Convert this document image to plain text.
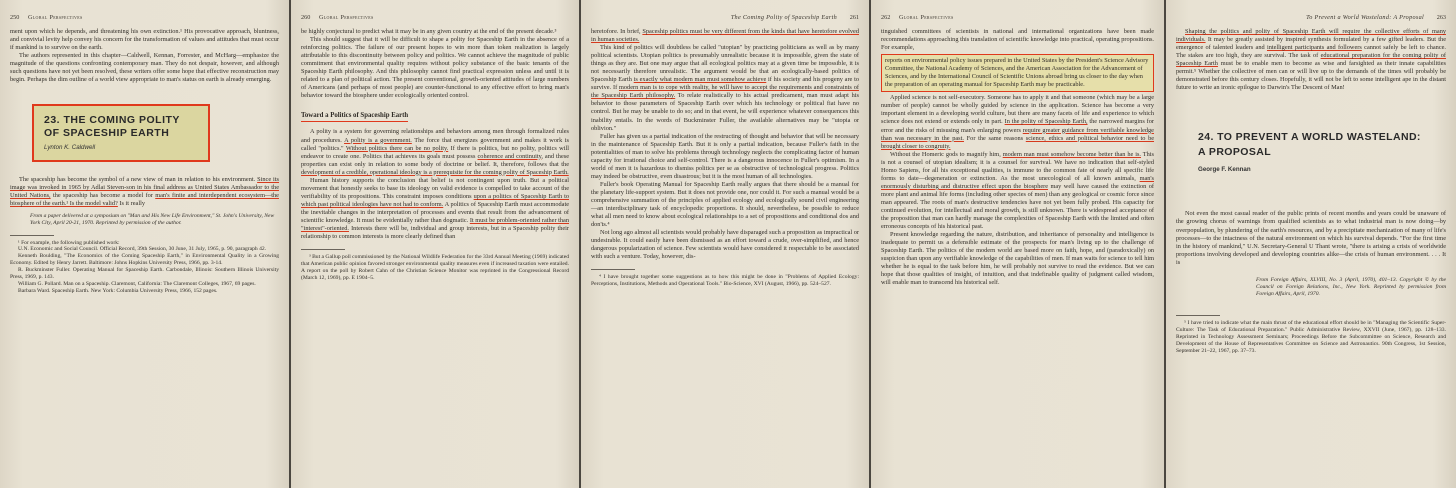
250 Global Perspectives

ment upon which he depends, and threatening his own extinction.¹ His provocative approach, bluntness, and convivial levity help convey his concern for the transformation of values and attitudes that must occur if mankind is to survive on the earth.

The authors represented in this chapter—Caldwell, Kennan, Forrester, and McHarg—emphasize the magnitude of the questions confronting contemporary man. They do not despair, however, and although such questions have not yet been resolved, these writers offer some hope that effective reconstruction may begin. Perhaps the dim outline of a world view appropriate to man's status on earth is already emerging.

23. THE COMING POLITY OF SPACESHIP EARTH
Lynton K. Caldwell

The spaceship has become the symbol of a new view of man in relation to his environment. Since its image was invoked in 1965 by Adlai Steven-son in his final address as United States Ambassador to the United Nations, the spaceship has become a model for man's finite and interdependent ecosystem—the biosphere of the earth.¹ Is the model valid? Is it really

From a paper delivered at a symposium on "Man and His New Life Environment," St. John's University, New York City, April 20-21, 1970. Reprinted by permission of the author.

¹ For example, the following published work:

U.N. Economic and Social Council. Official Record, 39th Session, 30 June, 31 July, 1965, p. 90, paragraph 42.

Kenneth Boulding, "The Economics of the Coming Spaceship Earth," in Environmental Quality in a Growing Economy. Edited by Henry Jarrett. Baltimore: Johns Hopkins University Press, 1966, pp. 3-14.

R. Buckminster Fuller. Operating Manual for Spaceship Earth. Carbondale, Illinois: Southern Illinois University Press, 1969, p. 143.

William G. Pollard. Man on a Spaceship. Claremont, California: The Claremont Colleges, 1967, 69 pages.

Barbara Ward. Spaceship Earth. New York: Columbia University Press, 1966, 152 pages.

260 Global Perspectives

be highly conjectural to predict what it may be in any given country at the end of the present decade.³

This should suggest that it will be difficult to shape a polity for Spaceship Earth in the absence of a reinforcing politics. The failure of our present hopes to win more than token realization is largely attributable to this discontinuity between policy and politics. We cannot achieve the magnitude of public commitment that environmental quality requires without policy substance of the basic tenants of the Spaceship Earth philosophy. And this philosophy cannot find practical expression unless and until it is related to a plan of political action. The present conventional, growth-oriented attitudes of large numbers of Americans (and perhaps of most people) are counter-functional to any effective effort to bring man's behavior toward the biosphere under ecologically oriented control.

Toward a Politics of Spaceship Earth

A polity is a system for governing relationships and behaviors among men through formalized rules and procedures. A polity is a government. The force that energizes government and makes it work is called "politics." Without politics there can be no polity. If there is politics, but no polity, politics will endeavor to create one. Politics that achieves its goals must possess coherence and continuity, and these properties can exist only in relation to some body of doctrine or belief. It, therefore, follows that the development of a credible, operational ideology is a prerequisite for the coming polity of Spaceship Earth.

Human history supports the conclusion that belief is not contingent upon truth. But a political movement that honestly seeks to base its ideology on valid evidence is compelled to take account of the verifiability of its propositions. This constraint imposes conditions upon a politics of Spaceship Earth to which past political ideologies have not had to conform. A politics of Spaceship Earth must accommodate the inevitable changes in the interpretation of processes and events that result from the advancement of scientific knowledge. It must be evidentially rather than dogmatic. It must be problem-oriented rather than "interest"-oriented. Interests there will be, individual and group interests, but in a Spaceship polity their relationship to common interests is more clearly defined than

³ But a Gallup poll commissioned by the National Wildlife Federation for the 33rd Annual Meeting (1969) indicated that American public opinion favored stronger environmental quality measures even if increased taxation were entailed. A report on the poll by Robert Cahn of the Christian Science Monitor was reprinted in the Congressional Record (March 12, 1969), pp. E 1904–5.

The Coming Polity of Spaceship Earth 261

heretofore. In brief, Spaceship politics must be very different from the kinds that have heretofore evolved in human societies.

This kind of politics will doubtless be called "utopian" by practicing politicians as well as by many political scientists. Utopian politics is presumably unrealistic because it is impossible, given the state of things as they are. But one may argue that all ecological politics may at a given time be impossible, it is not necessarily therefore unrealistic. The argument would be that an ecologically-based politics of Spaceship Earth is exactly what modern man must somehow achieve if his society and his progeny are to survive. If modern man is to cope with reality, he will have to accept the requirements and constraints of the Spaceship Earth philosophy. To relate realistically to his actual predicament, man must adapt his behavior to those parameters of Spaceship Earth over which his technology or political fiat have no control. But he may be unable to do so; and in that event, he will experience whatever consequences this inability entails. In the words of Buckminster Fuller, the available alternatives may be "utopia or oblivion."

Fuller has given us a partial indication of the restructing of thought and behavior that will be necessary in the maintenance of Spaceship Earth. But it is only a partial indication, because Fuller's faith in the potentialities of man to solve his problems through technology neglects the complicating factor of human capacity for irrational choice and self-control. There is a dangerous innocence in Fuller's optimism. In a world of men it is hazardous to dismiss politics per se as obstructive of technological progress. Politics may indeed be obstructive, even disastrous; but it is the most human of all technologies.

Fuller's book Operating Manual for Spaceship Earth really argues that there should be a manual for the planetary life-support system. But it does not provide one, nor could it. For such a manual would be a comprehensive summation of the principles of applied ecology and ecologically sound civil engineering—an interdisciplinary task of encyclopedic proportions. It should, nevertheless, be possible to reduce what all men need to know about ecological relationships to a set of propositions and conditional dos and don'ts.⁴

Not long ago almost all scientists would probably have disparaged such a proposition as impractical or undesirable. It could easily have been dismissed as an effort toward a crude, over-simplified, and hence dangerous popularization of science. Few scientists would have considered it respectable to be associated with such a venture. Today, however, dis-

⁴ I have brought together some suggestions as to how this might be done in "Problems of Applied Ecology: Perceptions, Institutions, Methods and Operational Tools." Bio-Science, XVI (August, 1966), pp. 524–527.

262 Global Perspectives

tinguished committees of scientists in national and international organizations have been made recommendations approaching this translation of scientific knowledge into practical, operating propositions. For example,

reports on environmental policy issues prepared in the United States by the President's Science Advisory Committee, the National Academy of Sciences, and the American Association for the Advancement of Sciences, and by the International Council of Scientific Unions abroad bring us closer to the day when the preparation of an operating manual for Spaceship Earth may be practicable.

Applied science is not self-executory. Someone has to apply it and that someone (which may be a large number of people) cannot be wholly guided by science in the application. Science has become a very important element in a developing world culture, but there are many facets of life and experience to which science does not extend or extends only in part. In the polity of Spaceship Earth, the narrowed margins for error and the risks of misusing man's enlarging powers require greater guidance from verifiable knowledge than was necessary in the past. For the same reasons science, ethics and political behavior need to be brought closer to congruity.

Without the Homeric gods to magnify him, modern man must somehow become better than he is. This is not a counsel of utopian idealism; it is a counsel for survival. We have no indication that self-styled Homo Sapiens, for all his exceptional qualities, is immune to the common fate of nearly all specific life forms to date—degeneration or extinction. As the most unecological of all known animals, man's enormously disturbing and distructive effect upon the biosphere may well have caused the extinction of more plant and animal life forms (including other species of men) than any geological or cosmic force since man appeared. The roots of man's destructive tendencies have not yet been fully probed. His capacity for continued evolution, for intellectual and moral growth, is still unknown. There is widespread acceptance of the proposition that man can hardly manage the complexities of Spaceship Earth with the limited and often erroneous concepts of his historical past.

Present knowledge regarding the nature, distribution, and inheritance of personality and intelligence is inadequate to permit us a defensible estimate of the prospects for man's living up to the challenge of Spaceship Earth. The politics of the modern world are based more on faith, hope, and (paradoxically) on suspicion than upon any verifiable knowledge of the capabilities of men. If man waits for science to tell him whether he is equal to the task before him, he will probably not survive to read the evidence. But we can hope that those qualities of insight, of intuition, and that indefinable quality of judgment called wisdom, will enable man to transcend his historical self.

To Prevent a World Wasteland: A Proposal 263

Shaping the politics and polity of Spaceship Earth will require the collective efforts of many individuals. It may be greatly assisted by inspired synthesis formulated by a few gifted leaders. But the emergence of talented leaders and intelligent participants and followers cannot safely be left to chance. The stakes are too high, they are survival. The task of educational preparation for the coming polity of Spaceship Earth must be to enable men to become as wise and farsighted as their innate capabilities permit.⁵ Whether the collective of men can or will live up to the demands of the times will probably be demonstrated before this century closes. Hopefully, it will not be left to some intelligent ape in the distant future to write an ironic epilogue to Darwin's The Descent of Man!

24. TO PREVENT A WORLD WASTELAND:
A PROPOSAL
George F. Kennan

Not even the most casual reader of the public prints of recent months and years could be unaware of the growing chorus of warnings from qualified scientists as to what industrial man is now doing—by overpopulation, by plundering of the earth's resources, and by a precipitate mechanization of many of life's processes—to the intactness of the natural environment on which his survival depends. "For the first time in the history of mankind," U.N. Secretary-General U Thant wrote, "there is arising a crisis of worldwide proportions involving developed and developing countries alike—the crisis of human environment. . . . It is

From Foreign Affairs, XLVIII, No. 3 (April, 1970), 401–13. Copyright © by the Council on Foreign Relations, Inc., New York. Reprinted by permission from Foreign Affairs, April, 1970.

⁵ I have tried to indicate what the main thrust of the educational effort should be in "Managing the Scientific Super-Culture: The Task of Educational Preparation." Public Administrative Review, XXVII (June, 1967), pp. 128–133. Reprinted in Technology Assessment Seminars; Proceedings Before the Subcommittee on Science, Research and Development of the House of Representatives Committee on Science and Astronautics. 90th Congress, 1st Session, September 21–22, 1967, pp. 37–73.
